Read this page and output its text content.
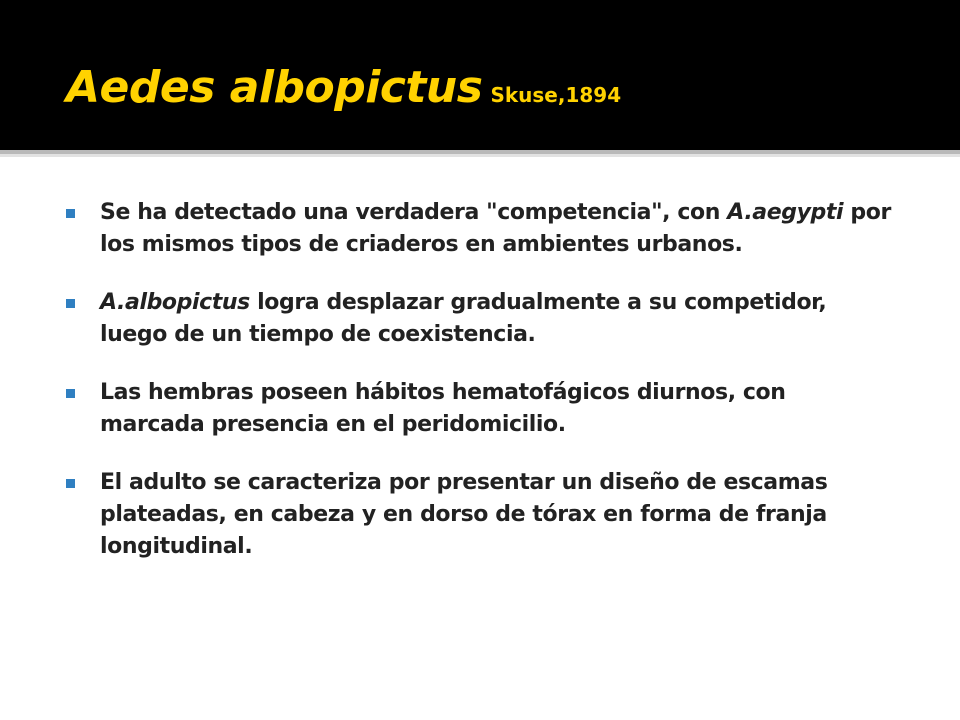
Aedes albopictus Skuse,1894
Se ha detectado una verdadera "competencia", con A.aegypti por los mismos tipos de criaderos en ambientes urbanos.
A.albopictus logra desplazar gradualmente a su competidor, luego de un tiempo de coexistencia.
Las hembras poseen hábitos hematofágicos diurnos, con marcada presencia en el peridomicilio.
El adulto se caracteriza por presentar un diseño de escamas plateadas, en cabeza y en dorso de tórax en forma de franja longitudinal.
